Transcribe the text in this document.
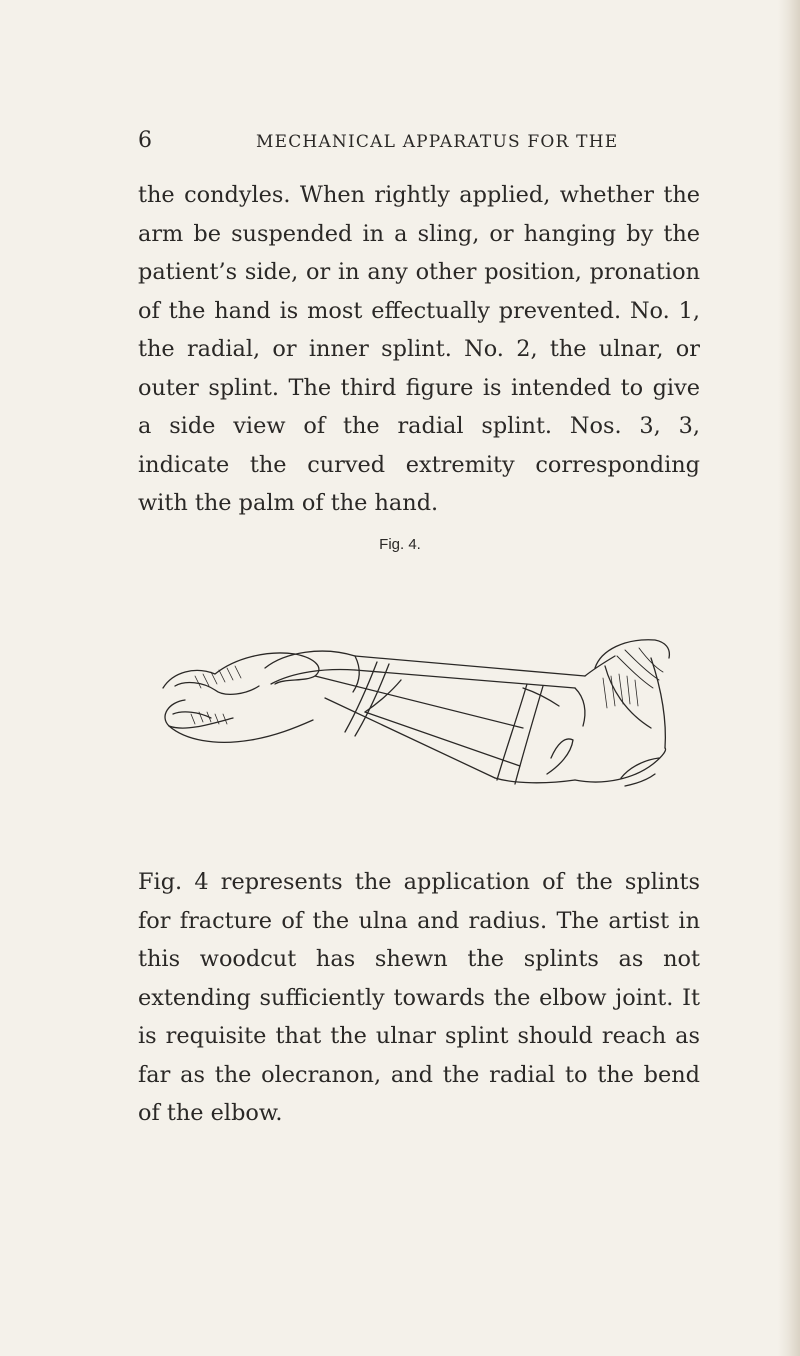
6	MECHANICAL APPARATUS FOR THE

the condyles. When rightly applied, whether the arm be suspended in a sling, or hanging by the patient’s side, or in any other position, pronation of the hand is most effectually prevented. No. 1, the radial, or inner splint. No. 2, the ulnar, or outer splint. The third figure is intended to give a side view of the radial splint. Nos. 3, 3, indicate the curved extremity corresponding with the palm of the hand.

Fig. 4.

Fig. 4 represents the application of the splints for fracture of the ulna and radius. The artist in this woodcut has shewn the splints as not extending sufficiently towards the elbow joint. It is requisite that the ulnar splint should reach as far as the olecranon, and the radial to the bend of the elbow.
